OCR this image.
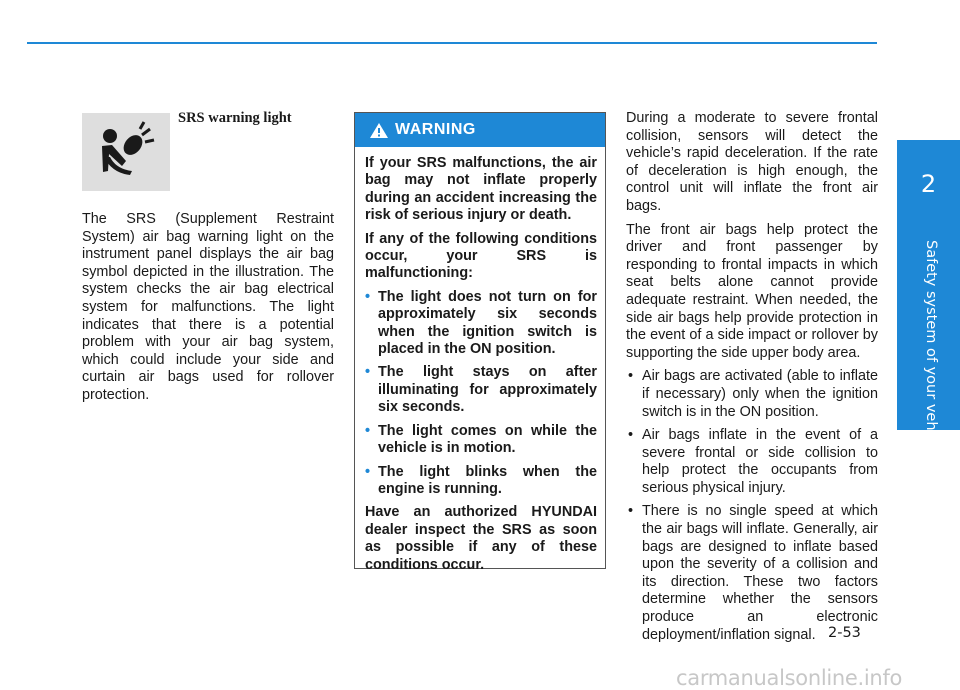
2
Safety system of your vehicle
SRS warning light
The SRS (Supplement Restraint System) air bag warning light on the instrument panel displays the air bag symbol depicted in the illustration. The system checks the air bag electrical system for malfunctions. The light indicates that there is a potential problem with your air bag system, which could include your side and curtain air bags used for rollover protection.
WARNING

If your SRS malfunctions, the air bag may not inflate properly during an accident increasing the risk of serious injury or death.

If any of the following conditions occur, your SRS is malfunctioning:

• The light does not turn on for approximately six seconds when the ignition switch is placed in the ON position.
• The light stays on after illuminating for approximately six seconds.
• The light comes on while the vehicle is in motion.
• The light blinks when the engine is running.

Have an authorized HYUNDAI dealer inspect the SRS as soon as possible if any of these conditions occur.

During a moderate to severe frontal collision, sensors will detect the vehicle’s rapid deceleration. If the rate of deceleration is high enough, the control unit will inflate the front air bags.

The front air bags help protect the driver and front passenger by responding to frontal impacts in which seat belts alone cannot provide adequate restraint. When needed, the side air bags help provide protection in the event of a side impact or rollover by supporting the side upper body area.

• Air bags are activated (able to inflate if necessary) only when the ignition switch is in the ON position.
• Air bags inflate in the event of a severe frontal or side collision to help protect the occupants from serious physical injury.
• There is no single speed at which the air bags will inflate. Generally, air bags are designed to inflate based upon the severity of a collision and its direction. These two factors determine whether the sensors produce an electronic deployment/inflation signal. 2-53
carmanualsonline.info
